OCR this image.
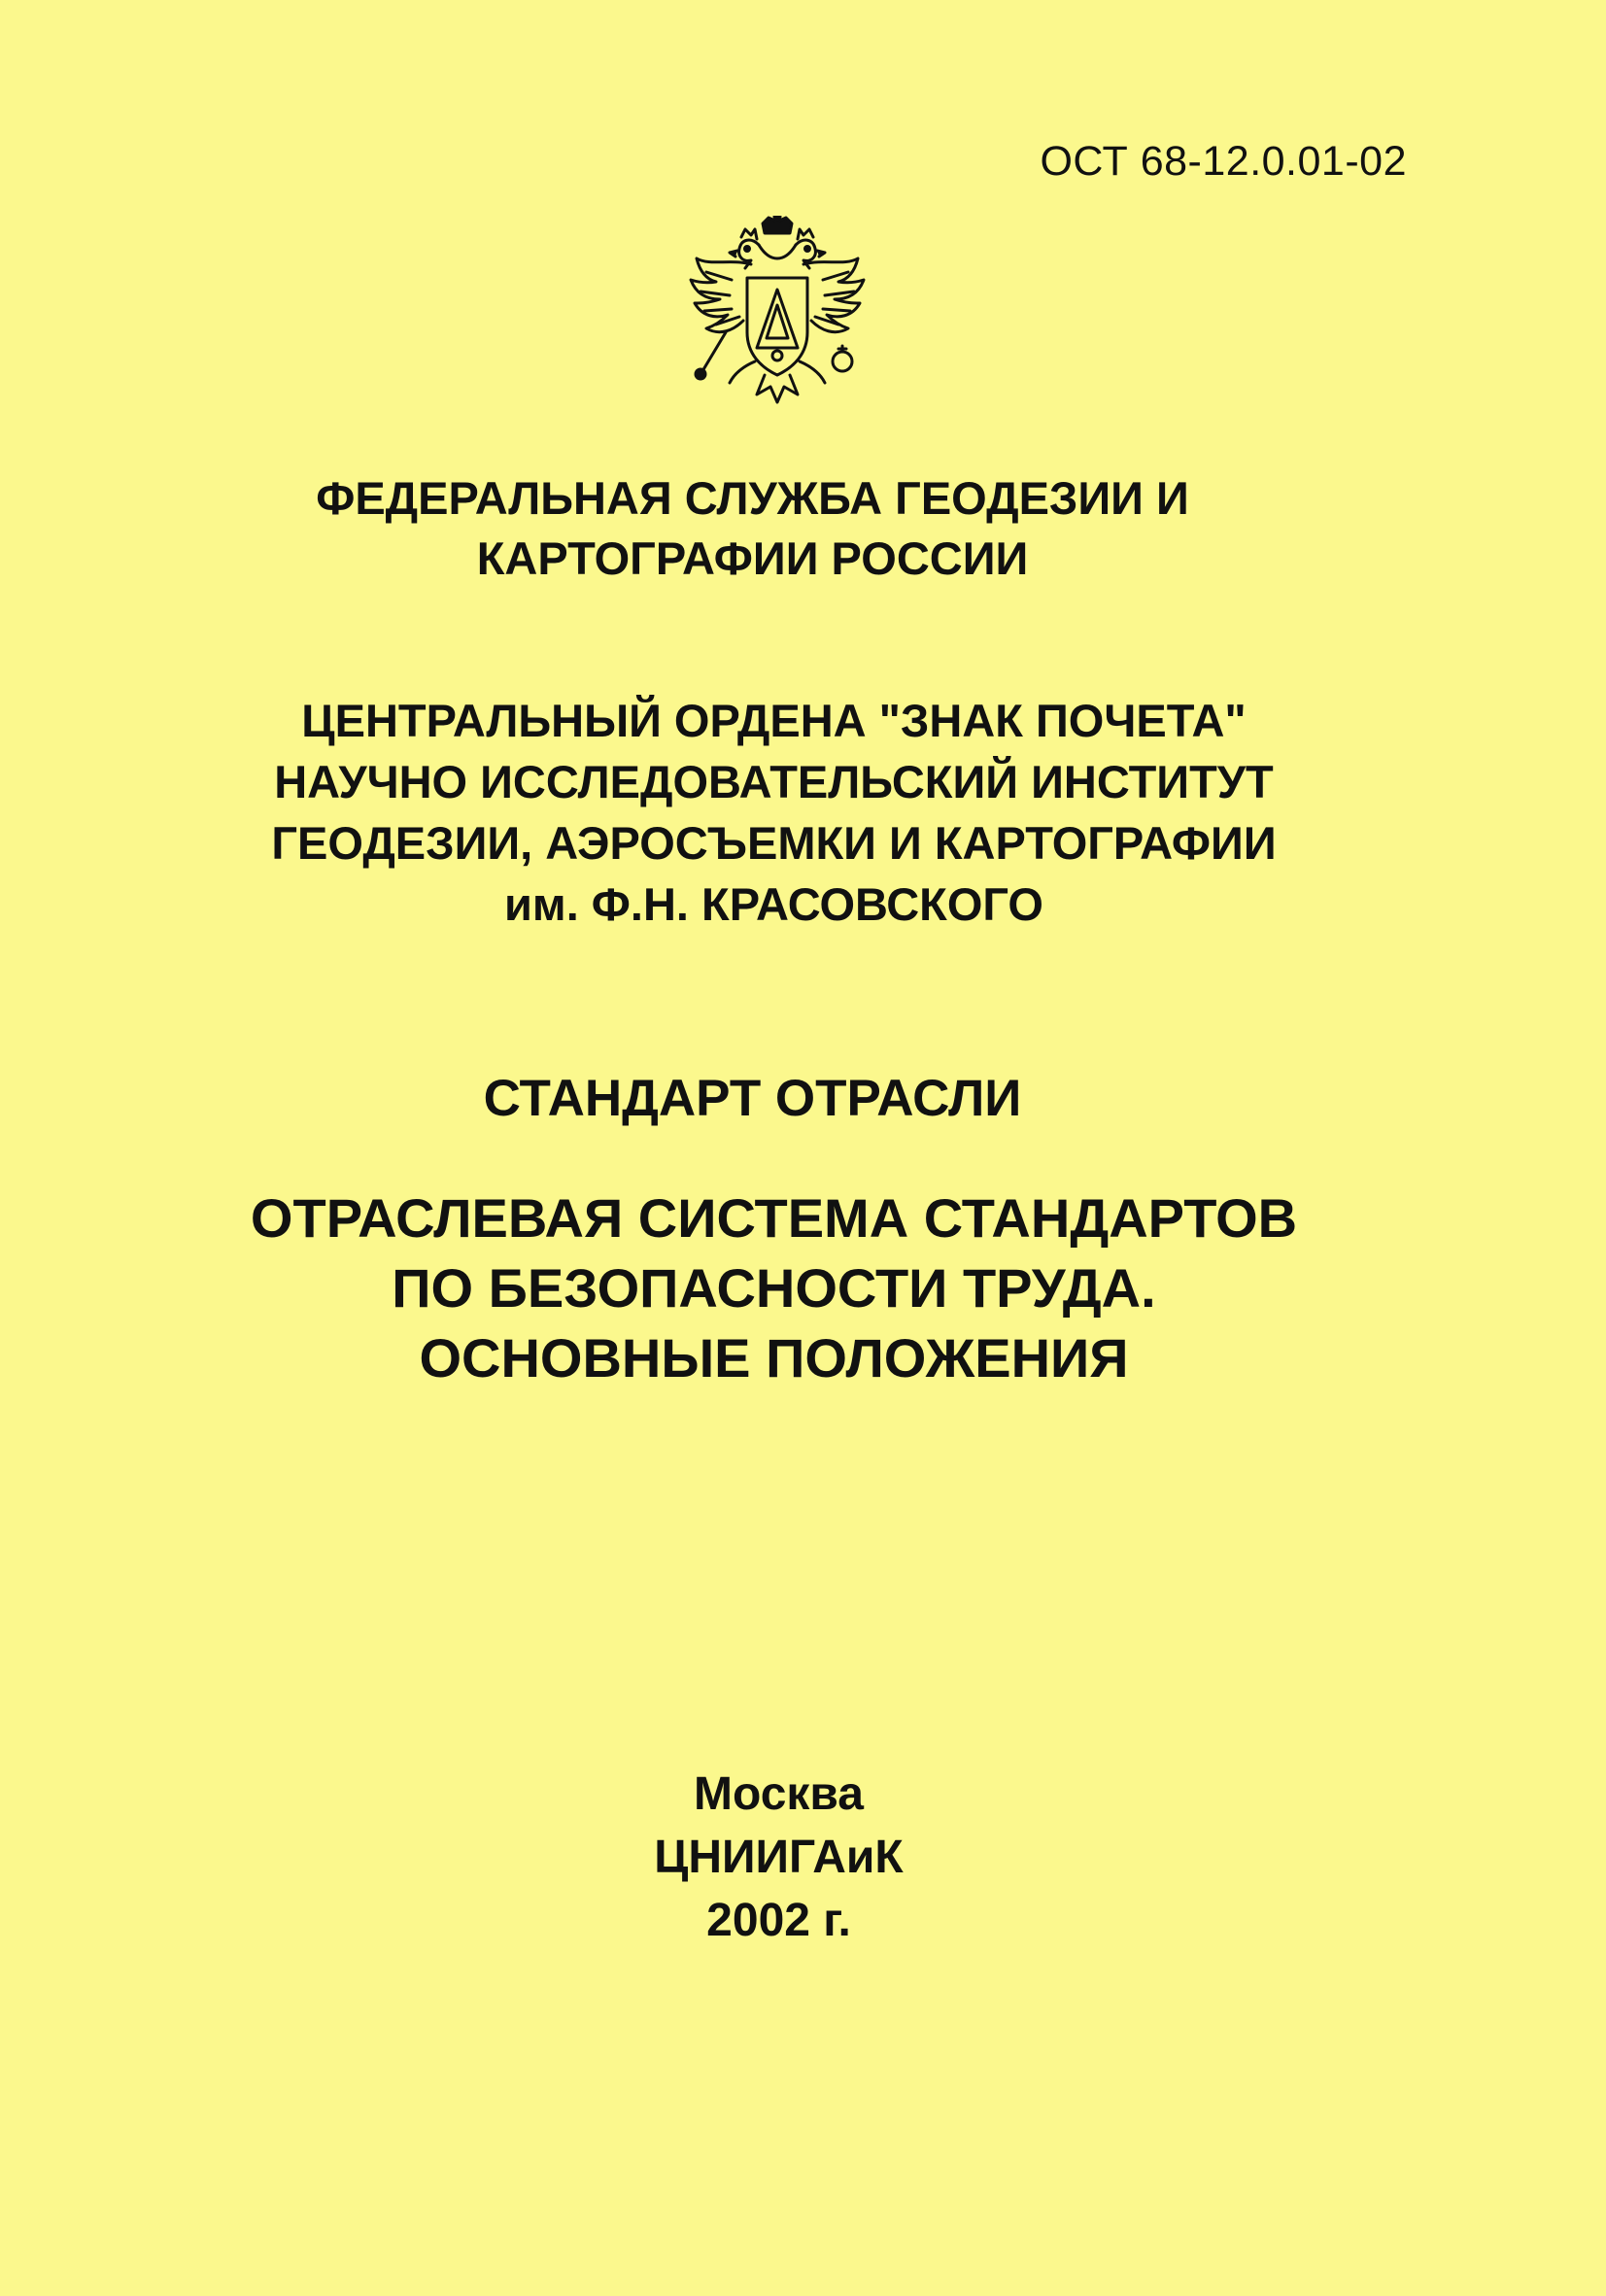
ОСТ 68-12.0.01-02
ФЕДЕРАЛЬНАЯ СЛУЖБА ГЕОДЕЗИИ И
КАРТОГРАФИИ РОССИИ
ЦЕНТРАЛЬНЫЙ ОРДЕНА "ЗНАК ПОЧЕТА"
НАУЧНО ИССЛЕДОВАТЕЛЬСКИЙ ИНСТИТУТ
ГЕОДЕЗИИ, АЭРОСЪЕМКИ И КАРТОГРАФИИ
им. Ф.Н. КРАСОВСКОГО
СТАНДАРТ ОТРАСЛИ
ОТРАСЛЕВАЯ СИСТЕМА СТАНДАРТОВ
ПО БЕЗОПАСНОСТИ ТРУДА.
ОСНОВНЫЕ ПОЛОЖЕНИЯ
Москва
ЦНИИГАиК
2002 г.
